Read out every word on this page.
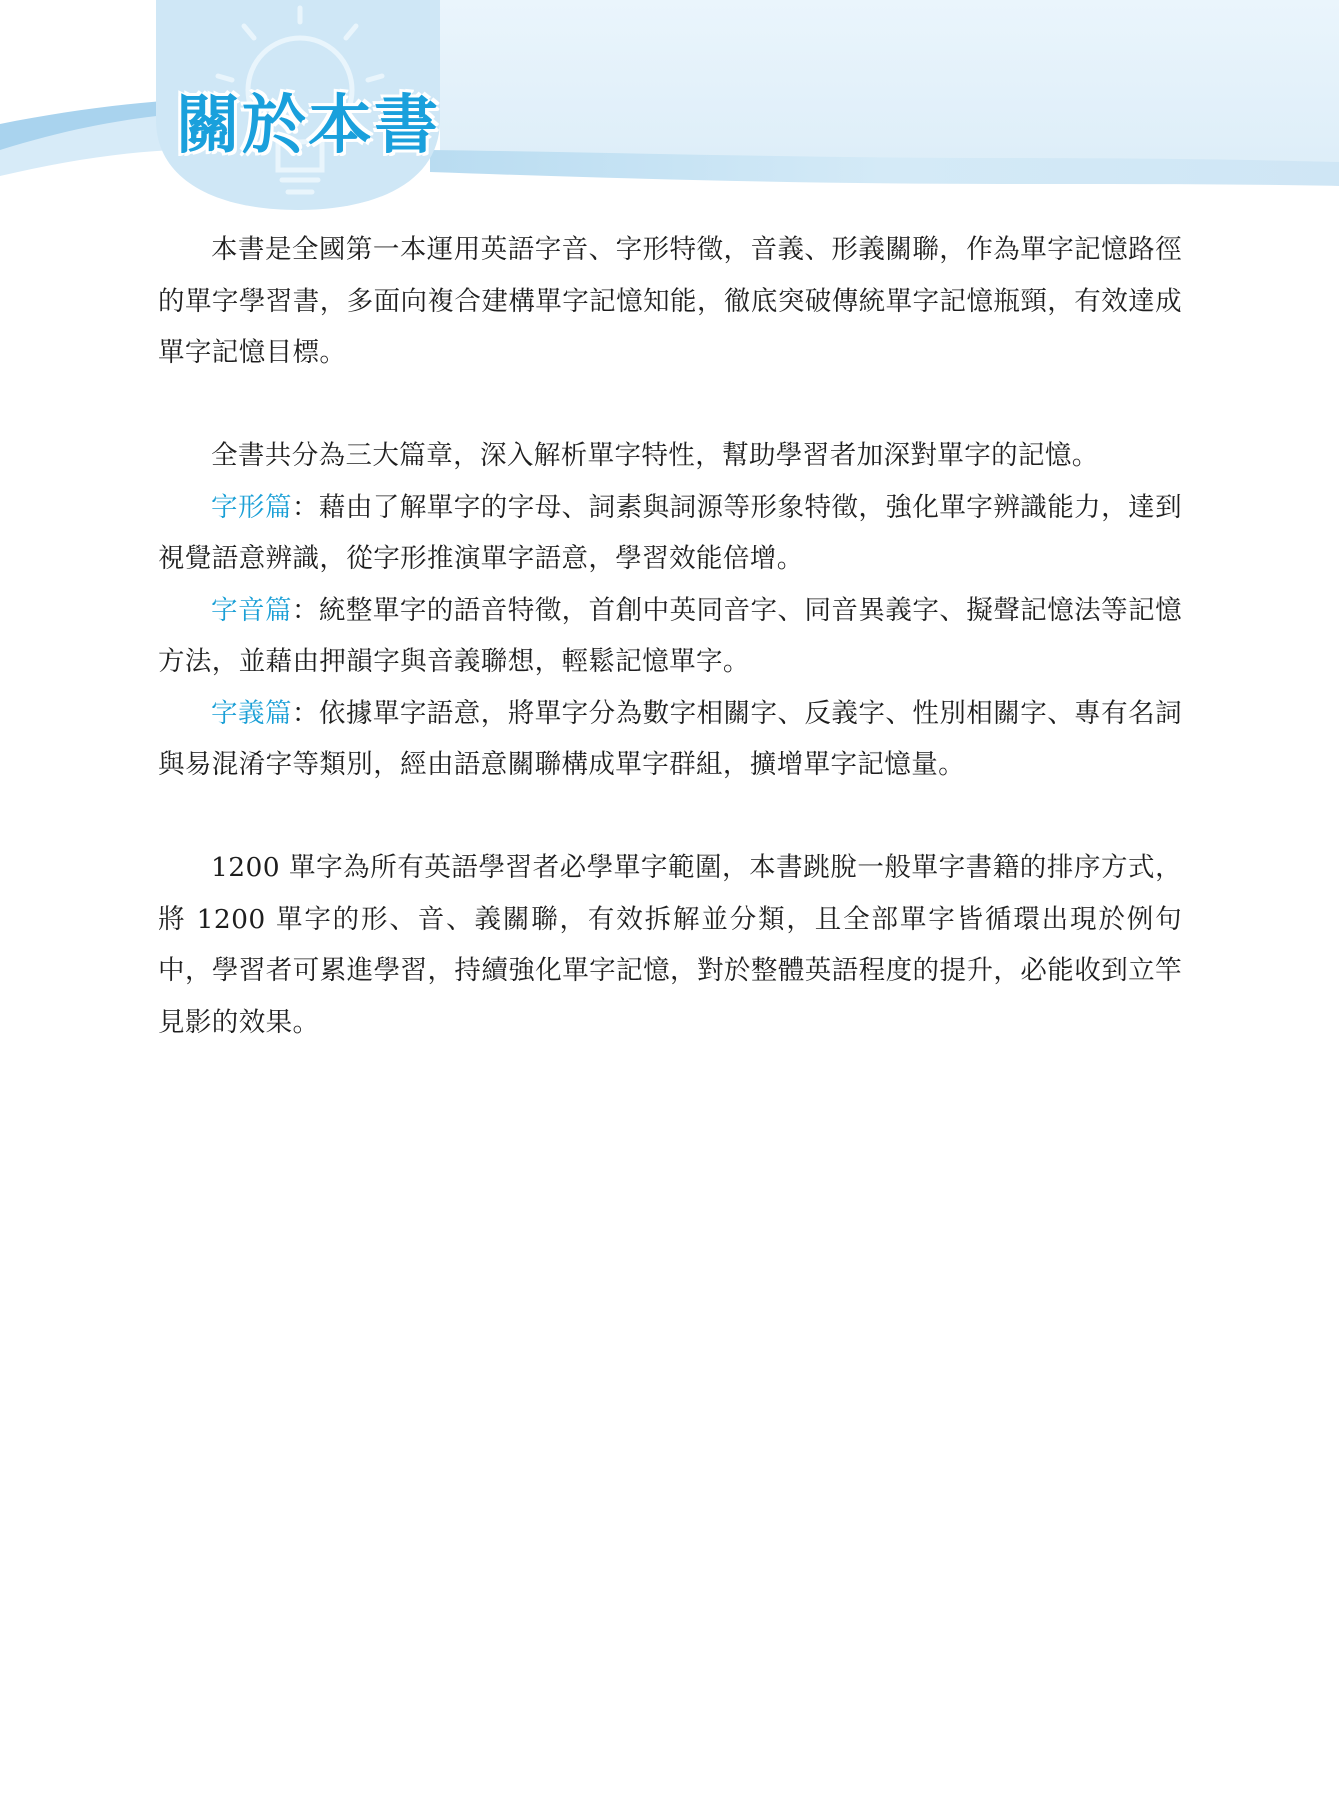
關於本書

本書是全國第一本運用英語字音、字形特徵，音義、形義關聯，作為單字記憶路徑的單字學習書，多面向複合建構單字記憶知能，徹底突破傳統單字記憶瓶頸，有效達成單字記憶目標。

全書共分為三大篇章，深入解析單字特性，幫助學習者加深對單字的記憶。

字形篇：藉由了解單字的字母、詞素與詞源等形象特徵，強化單字辨識能力，達到視覺語意辨識，從字形推演單字語意，學習效能倍增。

字音篇：統整單字的語音特徵，首創中英同音字、同音異義字、擬聲記憶法等記憶方法，並藉由押韻字與音義聯想，輕鬆記憶單字。

字義篇：依據單字語意，將單字分為數字相關字、反義字、性別相關字、專有名詞與易混淆字等類別，經由語意關聯構成單字群組，擴增單字記憶量。

1200 單字為所有英語學習者必學單字範圍，本書跳脫一般單字書籍的排序方式，將 1200 單字的形、音、義關聯，有效拆解並分類，且全部單字皆循環出現於例句中，學習者可累進學習，持續強化單字記憶，對於整體英語程度的提升，必能收到立竿見影的效果。
